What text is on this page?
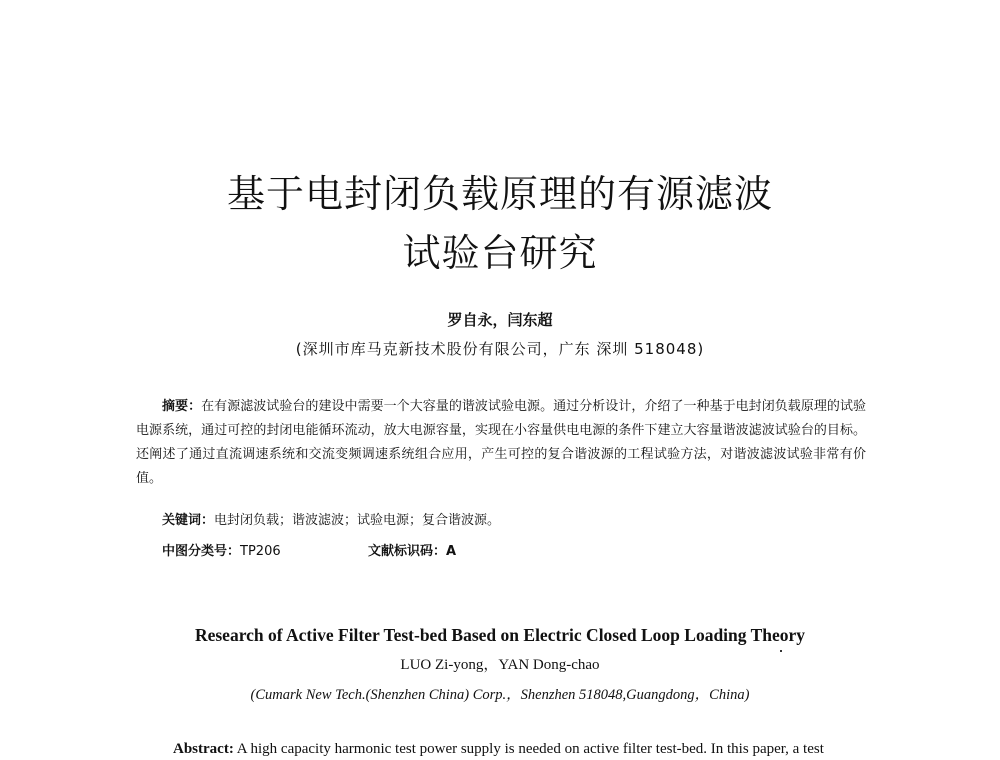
基于电封闭负载原理的有源滤波
试验台研究
罗自永，闫东超
(深圳市库马克新技术股份有限公司，广东 深圳 518048)
摘要：在有源滤波试验台的建设中需要一个大容量的谐波试验电源。通过分析设计，介绍了一种基于电封闭负载原理的试验电源系统，通过可控的封闭电能循环流动，放大电源容量，实现在小容量供电电源的条件下建立大容量谐波滤波试验台的目标。还阐述了通过直流调速系统和交流变频调速系统组合应用，产生可控的复合谐波源的工程试验方法，对谐波滤波试验非常有价值。
关键词：电封闭负载；谐波滤波；试验电源；复合谐波源。
中图分类号：TP206	文献标识码：A
Research of Active Filter Test-bed Based on Electric Closed Loop Loading Theory
LUO Zi-yong，YAN Dong-chao
(Cumark New Tech.(Shenzhen China) Corp.，Shenzhen 518048,Guangdong，China)
Abstract: A high capacity harmonic test power supply is needed on active filter test-bed. In this paper, a test
